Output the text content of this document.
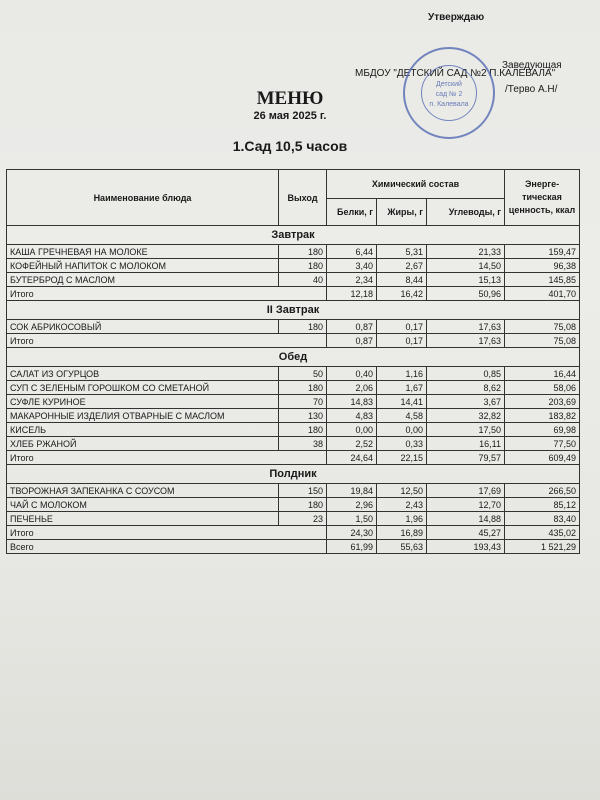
Утверждаю
Заведующая
МБДОУ "ДЕТСКИЙ САД №2 П.КАЛЕВАЛА"
/Терво А.Н/
Детский
сад № 2
п. Калевала
МЕНЮ
26 мая 2025 г.
1.Сад 10,5 часов
Наименование блюда	Выход	Химический состав			Энерге-тическая ценность, ккал
		Белки, г	Жиры, г	Углеводы, г	
Завтрак					
КАША ГРЕЧНЕВАЯ НА МОЛОКЕ	180	6,44	5,31	21,33	159,47
КОФЕЙНЫЙ НАПИТОК С МОЛОКОМ	180	3,40	2,67	14,50	96,38
БУТЕРБРОД С МАСЛОМ	40	2,34	8,44	15,13	145,85
Итого		12,18	16,42	50,96	401,70
II Завтрак					
СОК АБРИКОСОВЫЙ	180	0,87	0,17	17,63	75,08
Итого		0,87	0,17	17,63	75,08
Обед					
САЛАТ ИЗ ОГУРЦОВ	50	0,40	1,16	0,85	16,44
СУП С ЗЕЛЕНЫМ ГОРОШКОМ СО СМЕТАНОЙ	180	2,06	1,67	8,62	58,06
СУФЛЕ КУРИНОЕ	70	14,83	14,41	3,67	203,69
МАКАРОННЫЕ ИЗДЕЛИЯ ОТВАРНЫЕ С МАСЛОМ	130	4,83	4,58	32,82	183,82
КИСЕЛЬ	180	0,00	0,00	17,50	69,98
ХЛЕБ РЖАНОЙ	38	2,52	0,33	16,11	77,50
Итого		24,64	22,15	79,57	609,49
Полдник					
ТВОРОЖНАЯ ЗАПЕКАНКА С СОУСОМ	150	19,84	12,50	17,69	266,50
ЧАЙ С МОЛОКОМ	180	2,96	2,43	12,70	85,12
ПЕЧЕНЬЕ	23	1,50	1,96	14,88	83,40
Итого		24,30	16,89	45,27	435,02
Всего		61,99	55,63	193,43	1 521,29
